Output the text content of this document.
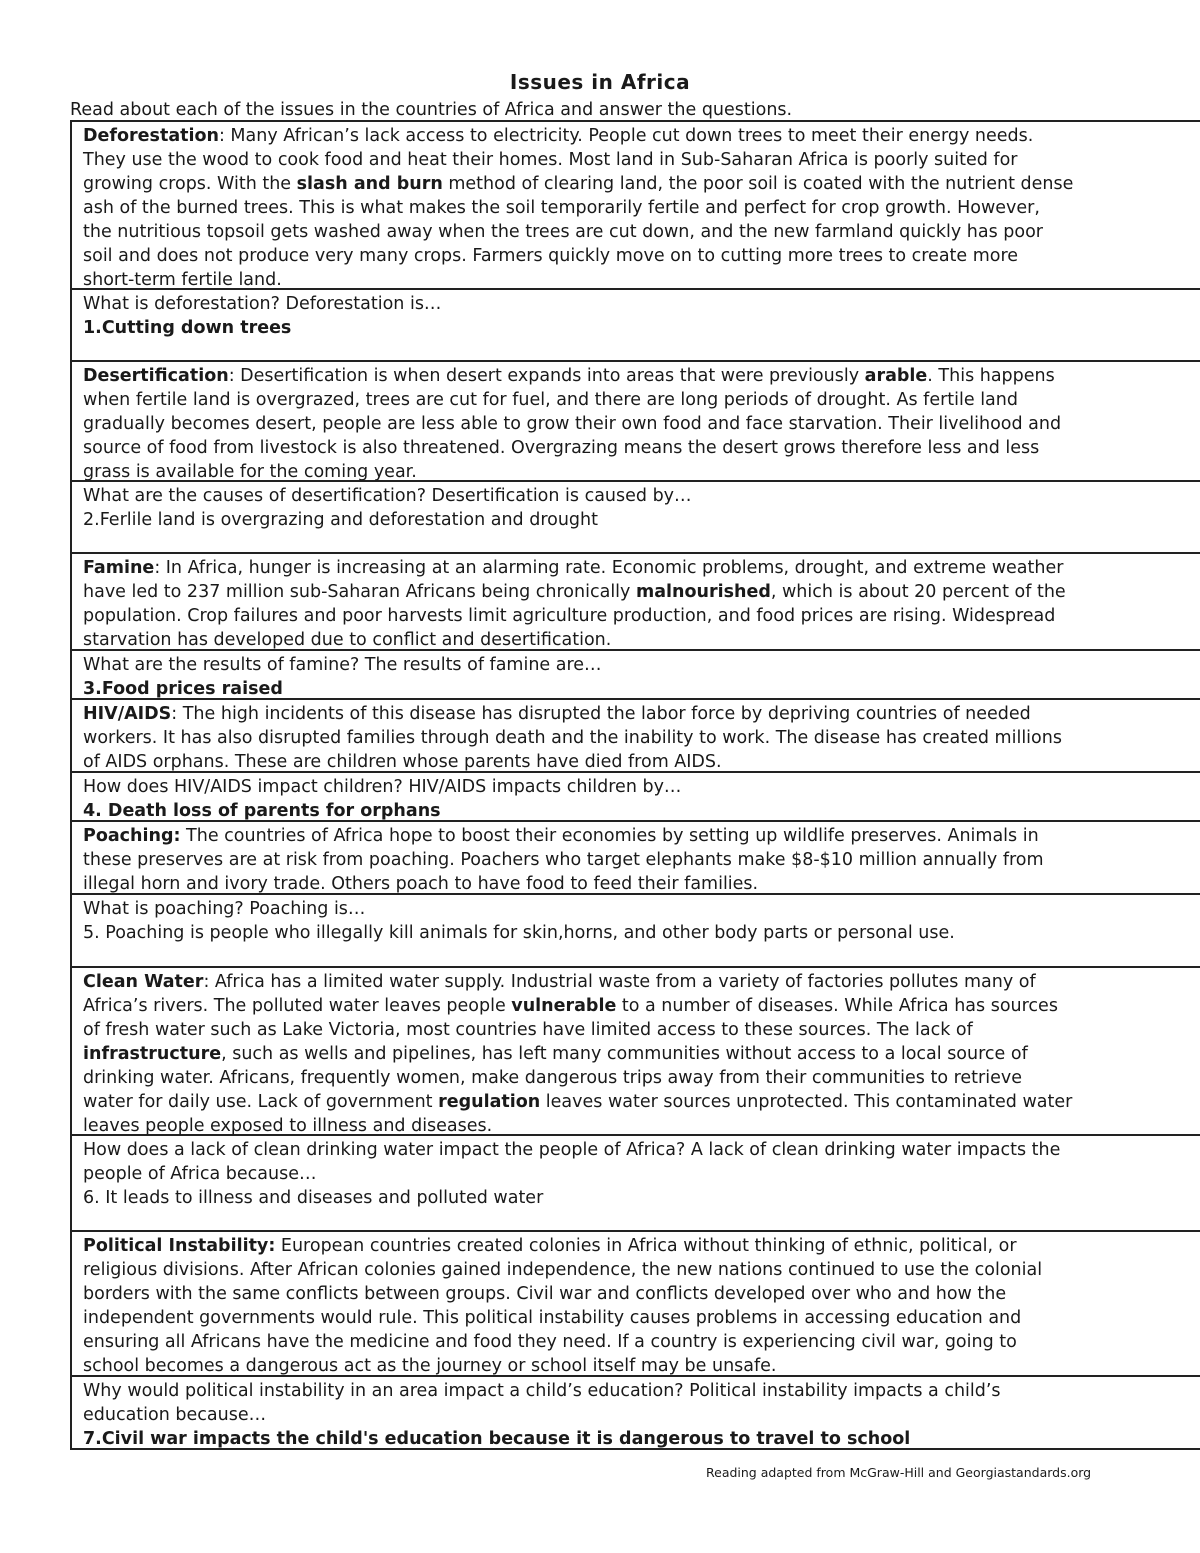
Issues in Africa
Read about each of the issues in the countries of Africa and answer the questions.
Deforestation: Many African’s lack access to electricity. People cut down trees to meet their energy needs.
They use the wood to cook food and heat their homes. Most land in Sub-Saharan Africa is poorly suited for
growing crops. With the slash and burn method of clearing land, the poor soil is coated with the nutrient dense
ash of the burned trees. This is what makes the soil temporarily fertile and perfect for crop growth. However,
the nutritious topsoil gets washed away when the trees are cut down, and the new farmland quickly has poor
soil and does not produce very many crops. Farmers quickly move on to cutting more trees to create more
short-term fertile land.
What is deforestation? Deforestation is…
1.Cutting down trees
Desertification: Desertification is when desert expands into areas that were previously arable. This happens
when fertile land is overgrazed, trees are cut for fuel, and there are long periods of drought. As fertile land
gradually becomes desert, people are less able to grow their own food and face starvation. Their livelihood and
source of food from livestock is also threatened. Overgrazing means the desert grows therefore less and less
grass is available for the coming year.
What are the causes of desertification? Desertification is caused by…
2.Ferlile land is overgrazing and deforestation and drought
Famine: In Africa, hunger is increasing at an alarming rate. Economic problems, drought, and extreme weather
have led to 237 million sub-Saharan Africans being chronically malnourished, which is about 20 percent of the
population. Crop failures and poor harvests limit agriculture production, and food prices are rising. Widespread
starvation has developed due to conflict and desertification.
What are the results of famine? The results of famine are…
3.Food prices raised
HIV/AIDS: The high incidents of this disease has disrupted the labor force by depriving countries of needed
workers. It has also disrupted families through death and the inability to work. The disease has created millions
of AIDS orphans. These are children whose parents have died from AIDS.
How does HIV/AIDS impact children? HIV/AIDS impacts children by…
4. Death loss of parents for orphans
Poaching: The countries of Africa hope to boost their economies by setting up wildlife preserves. Animals in
these preserves are at risk from poaching. Poachers who target elephants make $8-$10 million annually from
illegal horn and ivory trade. Others poach to have food to feed their families.
What is poaching? Poaching is…
5. Poaching is people who illegally kill animals for skin,horns, and other body parts or personal use.
Clean Water: Africa has a limited water supply. Industrial waste from a variety of factories pollutes many of
Africa’s rivers. The polluted water leaves people vulnerable to a number of diseases. While Africa has sources
of fresh water such as Lake Victoria, most countries have limited access to these sources. The lack of
infrastructure, such as wells and pipelines, has left many communities without access to a local source of
drinking water. Africans, frequently women, make dangerous trips away from their communities to retrieve
water for daily use. Lack of government regulation leaves water sources unprotected. This contaminated water
leaves people exposed to illness and diseases.
How does a lack of clean drinking water impact the people of Africa? A lack of clean drinking water impacts the
people of Africa because…
6. It leads to illness and diseases and polluted water
Political Instability: European countries created colonies in Africa without thinking of ethnic, political, or
religious divisions. After African colonies gained independence, the new nations continued to use the colonial
borders with the same conflicts between groups. Civil war and conflicts developed over who and how the
independent governments would rule. This political instability causes problems in accessing education and
ensuring all Africans have the medicine and food they need. If a country is experiencing civil war, going to
school becomes a dangerous act as the journey or school itself may be unsafe.
Why would political instability in an area impact a child’s education? Political instability impacts a child’s
education because…
7.Civil war impacts the child's education because it is dangerous to travel to school
Reading adapted from McGraw-Hill and Georgiastandards.org
